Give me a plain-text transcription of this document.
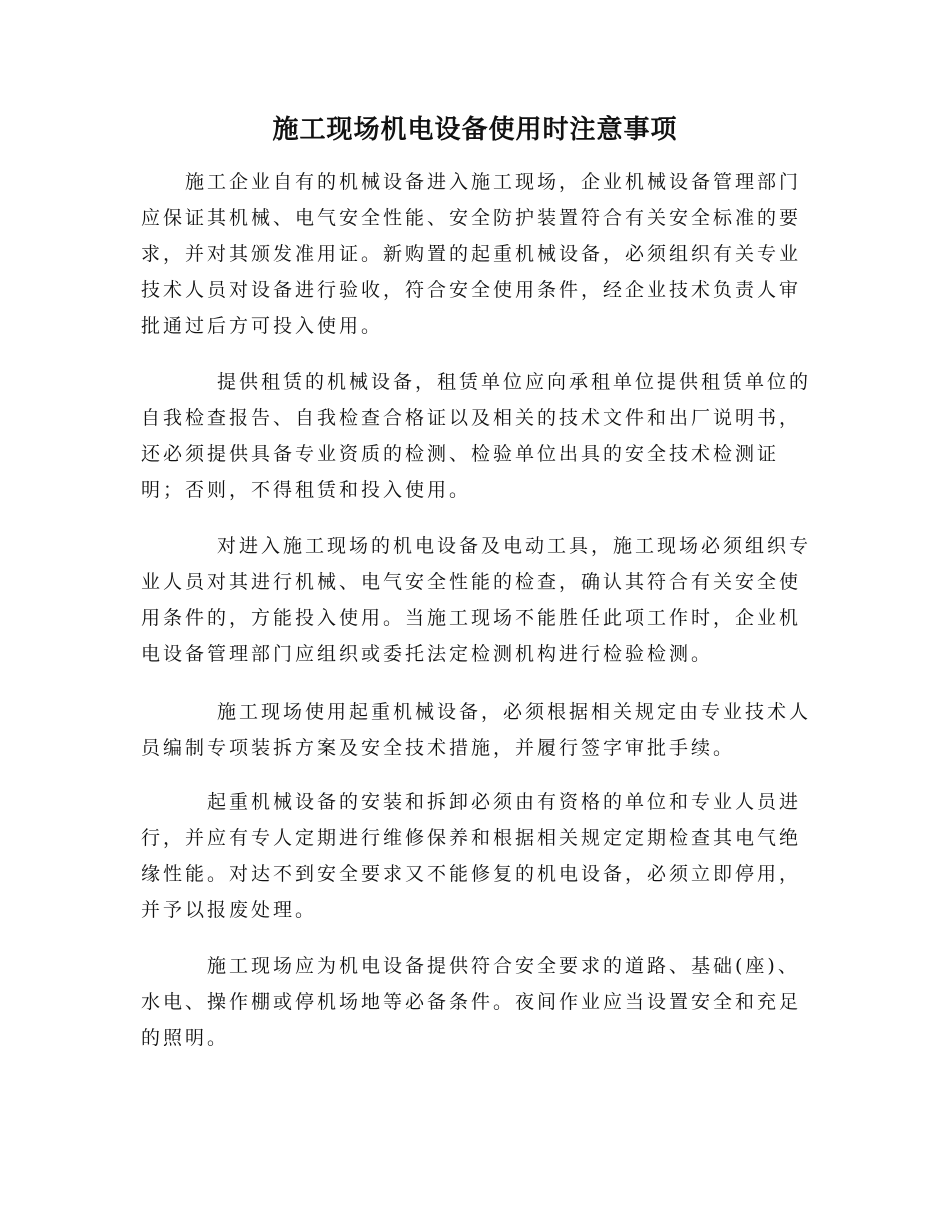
施工现场机电设备使用时注意事项
施工企业自有的机械设备进入施工现场，企业机械设备管理部门
应保证其机械、电气安全性能、安全防护装置符合有关安全标准的要
求，并对其颁发准用证。新购置的起重机械设备，必须组织有关专业
技术人员对设备进行验收，符合安全使用条件，经企业技术负责人审
批通过后方可投入使用。
提供租赁的机械设备，租赁单位应向承租单位提供租赁单位的
自我检查报告、自我检查合格证以及相关的技术文件和出厂说明书，
还必须提供具备专业资质的检测、检验单位出具的安全技术检测证
明；否则，不得租赁和投入使用。
对进入施工现场的机电设备及电动工具，施工现场必须组织专
业人员对其进行机械、电气安全性能的检查，确认其符合有关安全使
用条件的，方能投入使用。当施工现场不能胜任此项工作时，企业机
电设备管理部门应组织或委托法定检测机构进行检验检测。
施工现场使用起重机械设备，必须根据相关规定由专业技术人
员编制专项装拆方案及安全技术措施，并履行签字审批手续。
起重机械设备的安装和拆卸必须由有资格的单位和专业人员进
行，并应有专人定期进行维修保养和根据相关规定定期检查其电气绝
缘性能。对达不到安全要求又不能修复的机电设备，必须立即停用，
并予以报废处理。
施工现场应为机电设备提供符合安全要求的道路、基础(座)、
水电、操作棚或停机场地等必备条件。夜间作业应当设置安全和充足
的照明。
